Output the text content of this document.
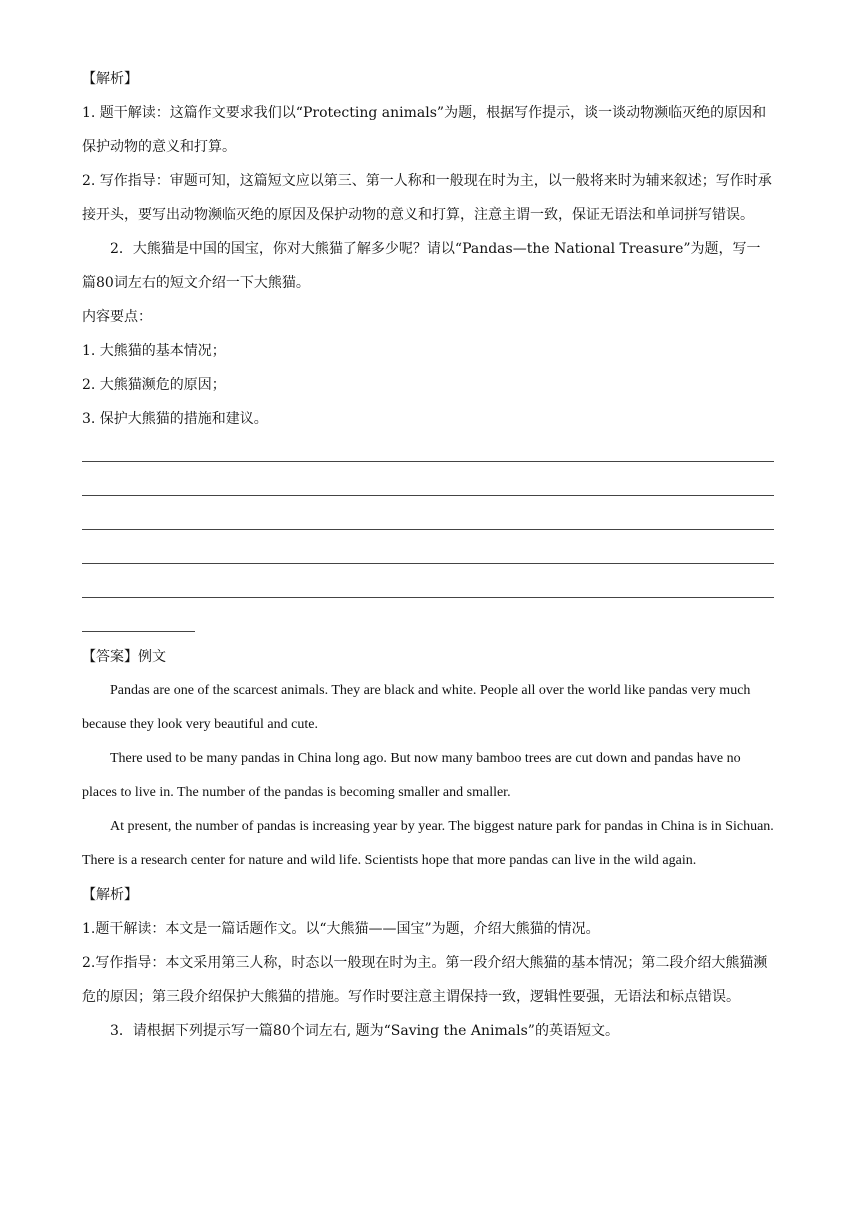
【解析】

1. 题干解读：这篇作文要求我们以“Protecting animals”为题，根据写作提示，谈一谈动物濒临灭绝的原因和保护动物的意义和打算。

2. 写作指导：审题可知，这篇短文应以第三、第一人称和一般现在时为主，以一般将来时为辅来叙述；写作时承接开头，要写出动物濒临灭绝的原因及保护动物的意义和打算，注意主谓一致，保证无语法和单词拼写错误。

2．大熊猫是中国的国宝，你对大熊猫了解多少呢？请以“Pandas—the National Treasure”为题，写一篇80词左右的短文介绍一下大熊猫。

内容要点：

1. 大熊猫的基本情况；

2. 大熊猫濒危的原因；

3. 保护大熊猫的措施和建议。

【答案】例文

Pandas are one of the scarcest animals. They are black and white. People all over the world like pandas very much because they look very beautiful and cute.

There used to be many pandas in China long ago. But now many bamboo trees are cut down and pandas have no places to live in. The number of the pandas is becoming smaller and smaller.

At present, the number of pandas is increasing year by year. The biggest nature park for pandas in China is in Sichuan. There is a research center for nature and wild life. Scientists hope that more pandas can live in the wild again.

【解析】

1.题干解读：本文是一篇话题作文。以“大熊猫——国宝”为题，介绍大熊猫的情况。

2.写作指导：本文采用第三人称，时态以一般现在时为主。第一段介绍大熊猫的基本情况；第二段介绍大熊猫濒危的原因；第三段介绍保护大熊猫的措施。写作时要注意主谓保持一致，逻辑性要强，无语法和标点错误。

3．请根据下列提示写一篇80个词左右, 题为“Saving the Animals”的英语短文。
